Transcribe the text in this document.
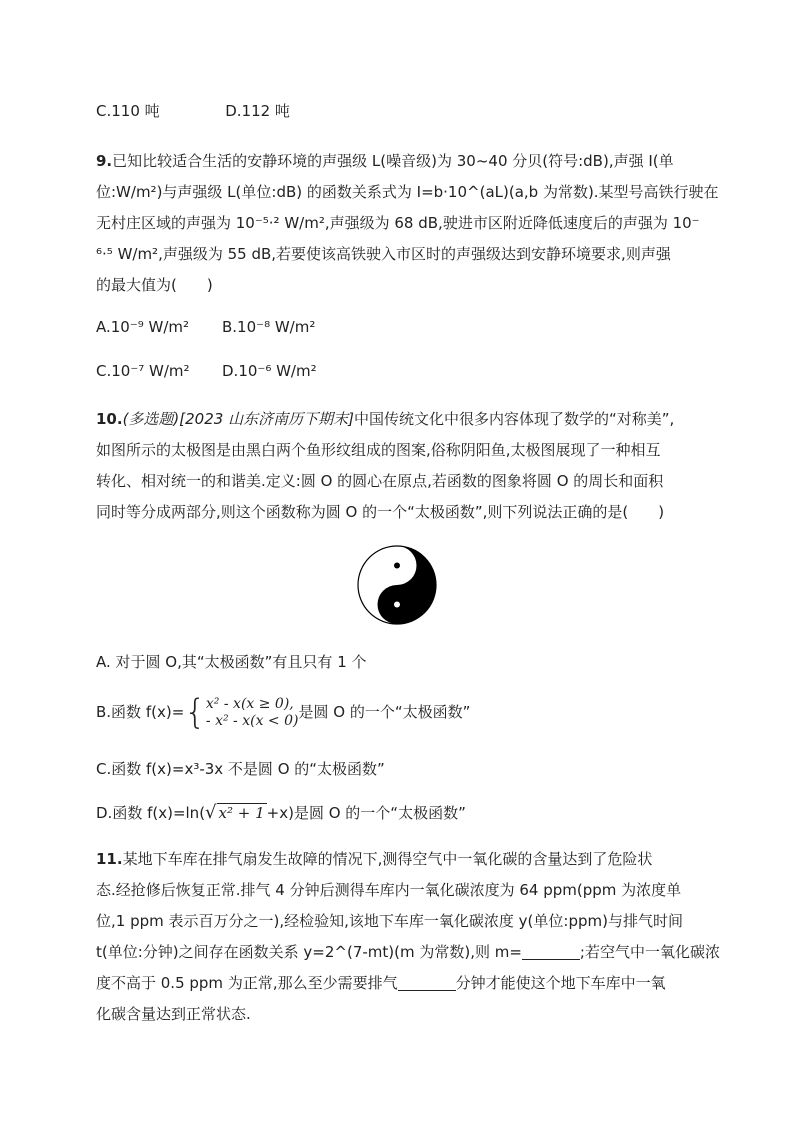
C.110 吨	D.112 吨
9.已知比较适合生活的安静环境的声强级 L(噪音级)为 30~40 分贝(符号:dB),声强 I(单
位:W/m²)与声强级 L(单位:dB) 的函数关系式为 I=b·10^(aL)(a,b 为常数).某型号高铁行驶在
无村庄区域的声强为 10⁻⁵·² W/m²,声强级为 68 dB,驶进市区附近降低速度后的声强为 10⁻
⁶·⁵ W/m²,声强级为 55 dB,若要使该高铁驶入市区时的声强级达到安静环境要求,则声强
的最大值为(　　)
A.10⁻⁹ W/m² B.10⁻⁸ W/m²
C.10⁻⁷ W/m² D.10⁻⁶ W/m²
10.(多选题)[2023 山东济南历下期末]中国传统文化中很多内容体现了数学的“对称美”,
如图所示的太极图是由黑白两个鱼形纹组成的图案,俗称阴阳鱼,太极图展现了一种相互
转化、相对统一的和谐美.定义:圆 O 的圆心在原点,若函数的图象将圆 O 的周长和面积
同时等分成两部分,则这个函数称为圆 O 的一个“太极函数”,则下列说法正确的是(　　)
A. 对于圆 O,其“太极函数”有且只有 1 个
B.函数 f(x)={ x² - x(x ≥ 0),
- x² - x(x < 0) 是圆 O 的一个“太极函数”
C.函数 f(x)=x³-3x 不是圆 O 的“太极函数”
D.函数 f(x)=ln(√ x² + 1 +x)是圆 O 的一个“太极函数”
11.某地下车库在排气扇发生故障的情况下,测得空气中一氧化碳的含量达到了危险状
态.经抢修后恢复正常.排气 4 分钟后测得车库内一氧化碳浓度为 64 ppm(ppm 为浓度单
位,1 ppm 表示百万分之一),经检验知,该地下车库一氧化碳浓度 y(单位:ppm)与排气时间
t(单位:分钟)之间存在函数关系 y=2^(7-mt)(m 为常数),则 m=	;若空气中一氧化碳浓
度不高于 0.5 ppm 为正常,那么至少需要排气	分钟才能使这个地下车库中一氧
化碳含量达到正常状态.
